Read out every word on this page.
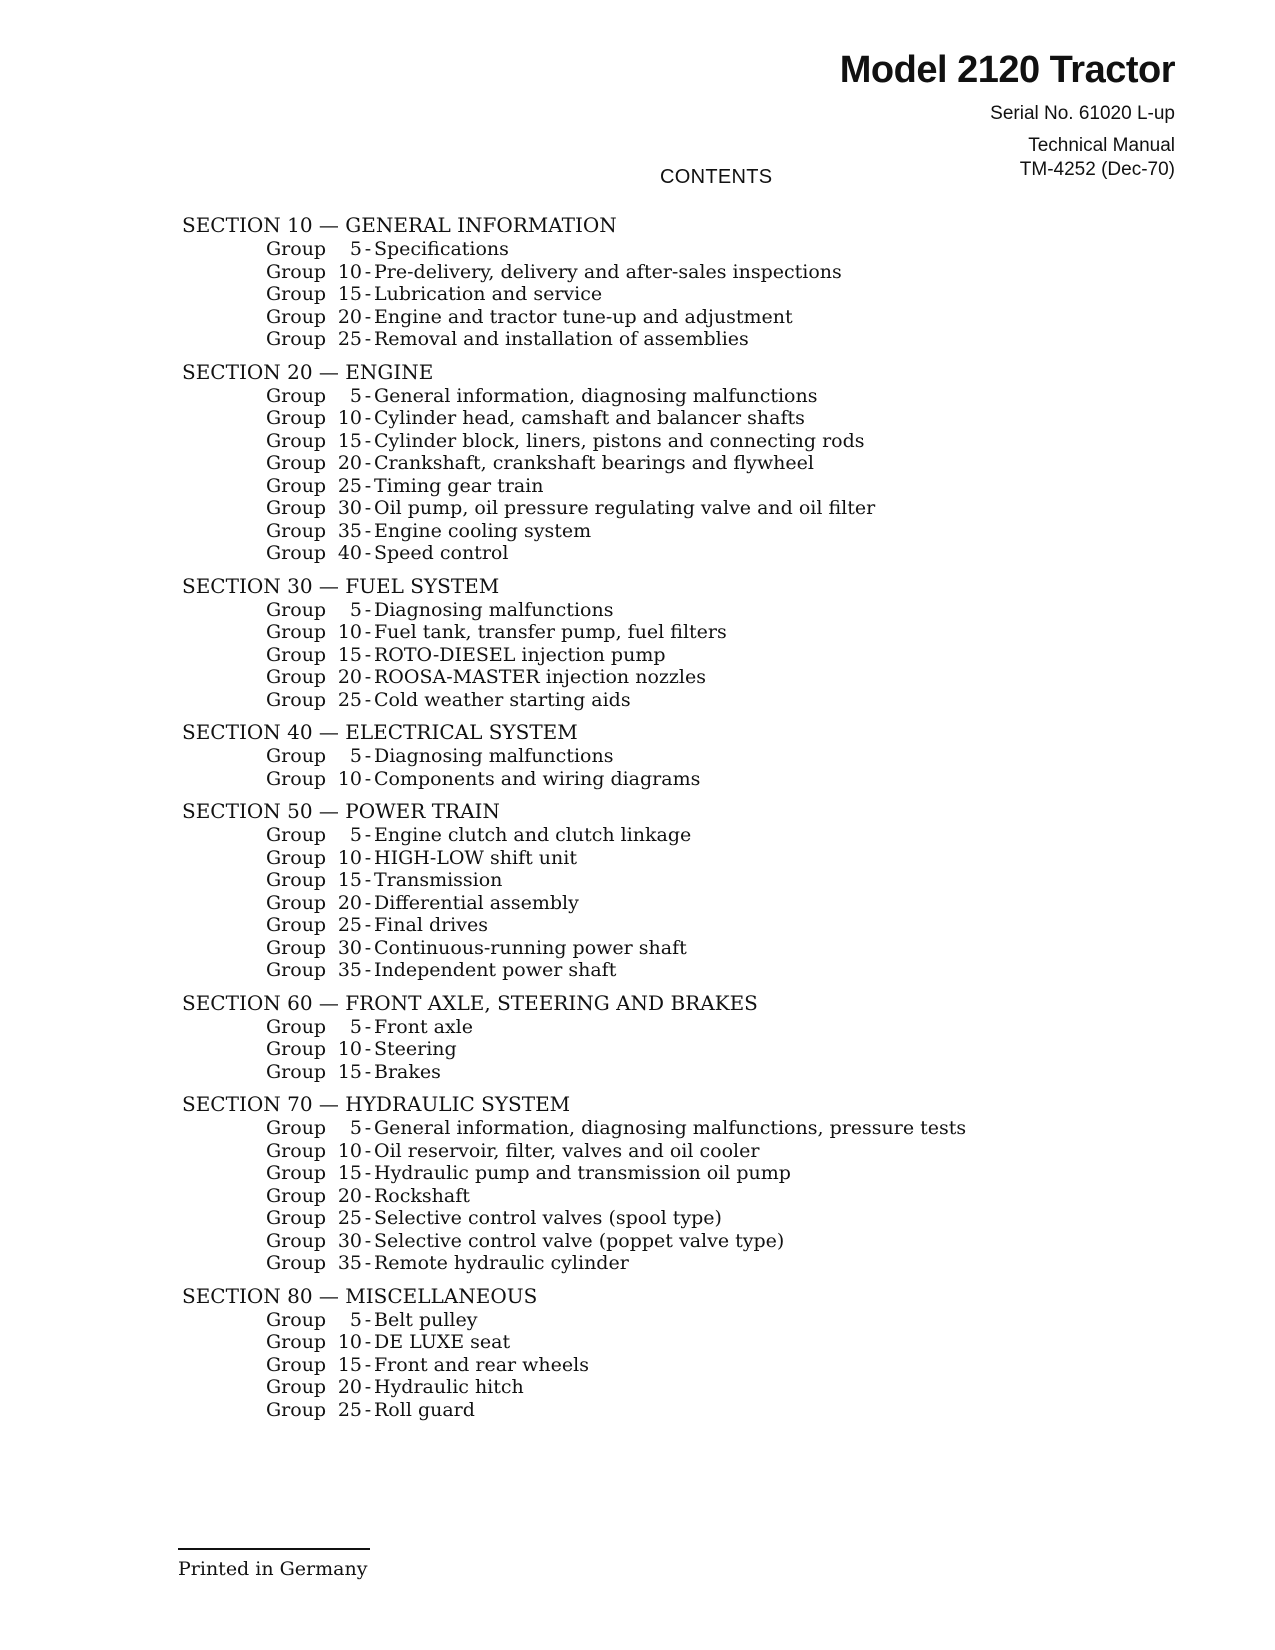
Model 2120 Tractor
Serial No. 61020 L-up
Technical Manual
TM-4252 (Dec-70)
CONTENTS
SECTION 10 — GENERAL INFORMATION
Group 5 - Specifications
Group 10 - Pre-delivery, delivery and after-sales inspections
Group 15 - Lubrication and service
Group 20 - Engine and tractor tune-up and adjustment
Group 25 - Removal and installation of assemblies
SECTION 20 — ENGINE
Group 5 - General information, diagnosing malfunctions
Group 10 - Cylinder head, camshaft and balancer shafts
Group 15 - Cylinder block, liners, pistons and connecting rods
Group 20 - Crankshaft, crankshaft bearings and flywheel
Group 25 - Timing gear train
Group 30 - Oil pump, oil pressure regulating valve and oil filter
Group 35 - Engine cooling system
Group 40 - Speed control
SECTION 30 — FUEL SYSTEM
Group 5 - Diagnosing malfunctions
Group 10 - Fuel tank, transfer pump, fuel filters
Group 15 - ROTO-DIESEL injection pump
Group 20 - ROOSA-MASTER injection nozzles
Group 25 - Cold weather starting aids
SECTION 40 — ELECTRICAL SYSTEM
Group 5 - Diagnosing malfunctions
Group 10 - Components and wiring diagrams
SECTION 50 — POWER TRAIN
Group 5 - Engine clutch and clutch linkage
Group 10 - HIGH-LOW shift unit
Group 15 - Transmission
Group 20 - Differential assembly
Group 25 - Final drives
Group 30 - Continuous-running power shaft
Group 35 - Independent power shaft
SECTION 60 — FRONT AXLE, STEERING AND BRAKES
Group 5 - Front axle
Group 10 - Steering
Group 15 - Brakes
SECTION 70 — HYDRAULIC SYSTEM
Group 5 - General information, diagnosing malfunctions, pressure tests
Group 10 - Oil reservoir, filter, valves and oil cooler
Group 15 - Hydraulic pump and transmission oil pump
Group 20 - Rockshaft
Group 25 - Selective control valves (spool type)
Group 30 - Selective control valve (poppet valve type)
Group 35 - Remote hydraulic cylinder
SECTION 80 — MISCELLANEOUS
Group 5 - Belt pulley
Group 10 - DE LUXE seat
Group 15 - Front and rear wheels
Group 20 - Hydraulic hitch
Group 25 - Roll guard
Printed in Germany
